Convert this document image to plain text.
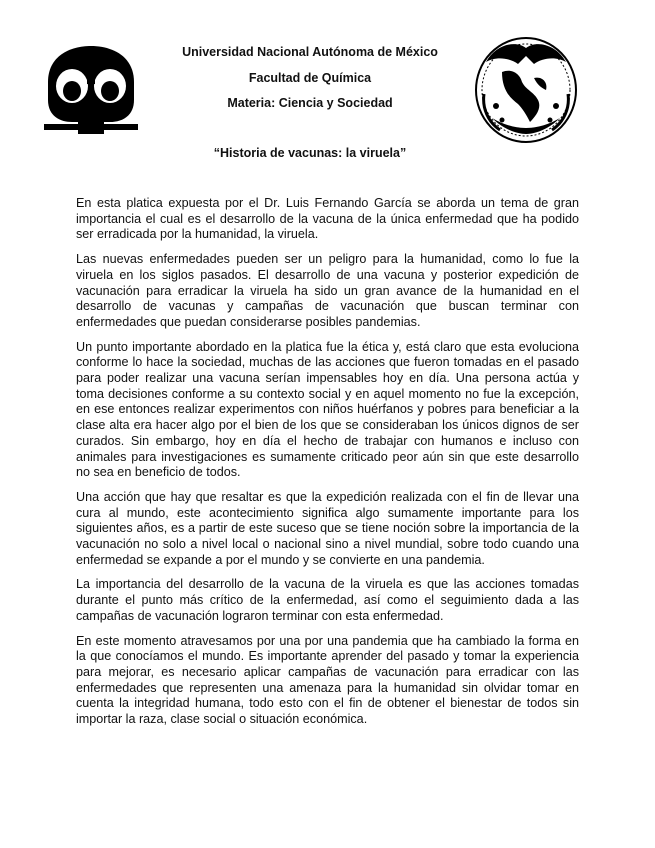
Universidad Nacional Autónoma de México
Facultad de Química
Materia: Ciencia y Sociedad
“Historia de vacunas: la viruela”

En esta platica expuesta por el Dr. Luis Fernando García se aborda un tema de gran importancia el cual es el desarrollo de la vacuna de la única enfermedad que ha podido ser erradicada por la humanidad, la viruela.

Las nuevas enfermedades pueden ser un peligro para la humanidad, como lo fue la viruela en los siglos pasados. El desarrollo de una vacuna y posterior expedición de vacunación para erradicar la viruela ha sido un gran avance de la humanidad en el desarrollo de vacunas y campañas de vacunación que buscan terminar con enfermedades que puedan considerarse posibles pandemias.

Un punto importante abordado en la platica fue la ética y, está claro que esta evoluciona conforme lo hace la sociedad, muchas de las acciones que fueron tomadas en el pasado para poder realizar una vacuna serían impensables hoy en día. Una persona actúa y toma decisiones conforme a su contexto social y en aquel momento no fue la excepción, en ese entonces realizar experimentos con niños huérfanos y pobres para beneficiar a la clase alta era hacer algo por el bien de los que se consideraban los únicos dignos de ser curados. Sin embargo, hoy en día el hecho de trabajar con humanos e incluso con animales para investigaciones es sumamente criticado peor aún sin que este desarrollo no sea en beneficio de todos.

Una acción que hay que resaltar es que la expedición realizada con el fin de llevar una cura al mundo, este acontecimiento significa algo sumamente importante para los siguientes años, es a partir de este suceso que se tiene noción sobre la importancia de la vacunación no solo a nivel local o nacional sino a nivel mundial, sobre todo cuando una enfermedad se expande a por el mundo y se convierte en una pandemia.

La importancia del desarrollo de la vacuna de la viruela es que las acciones tomadas durante el punto más crítico de la enfermedad, así como el seguimiento dada a las campañas de vacunación lograron terminar con esta enfermedad.

En este momento atravesamos por una por una pandemia que ha cambiado la forma en la que conocíamos el mundo. Es importante aprender del pasado y tomar la experiencia para mejorar, es necesario aplicar campañas de vacunación para erradicar con las enfermedades que representen una amenaza para la humanidad sin olvidar tomar en cuenta la integridad humana, todo esto con el fin de obtener el bienestar de todos sin importar la raza, clase social o situación económica.
